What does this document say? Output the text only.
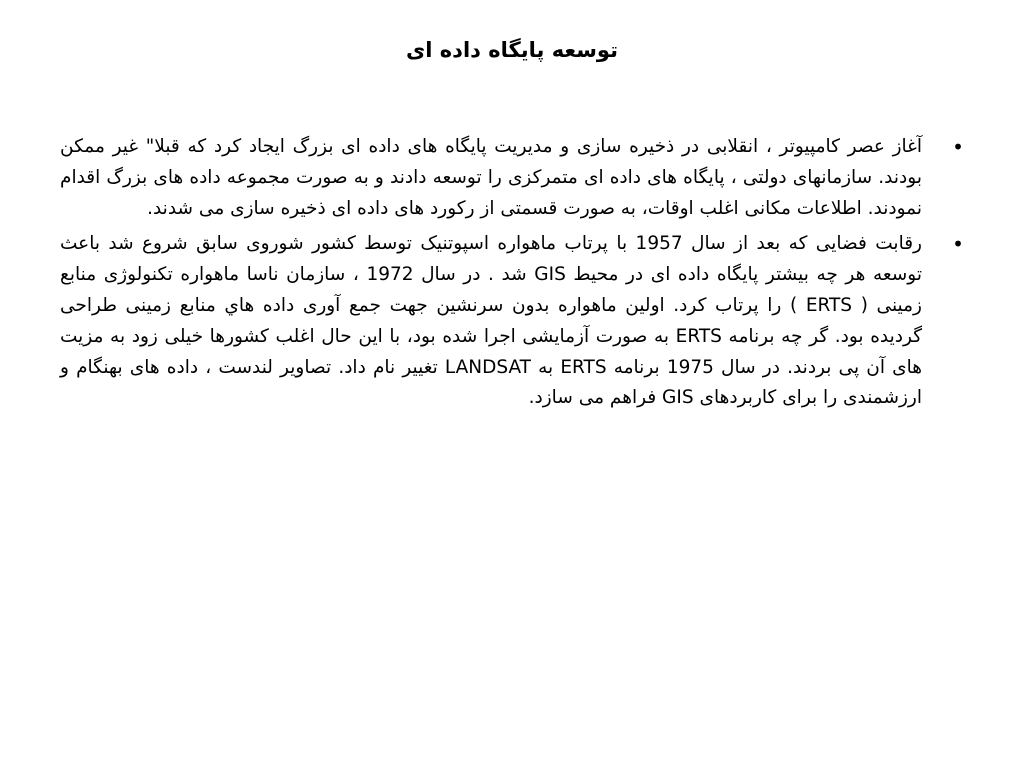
توسعه پایگاه داده ای
•
آغاز عصر کامپیوتر ، انقلابی در ذخیره سازی و مدیریت پایگاه های داده ای بزرگ ایجاد کرد که قبلا" غیر ممکن بودند. سازمانهای دولتی ، پایگاه های داده ای متمرکزی را توسعه دادند و به صورت مجموعه داده های بزرگ اقدام نمودند. اطلاعات مکانی اغلب اوقات، به صورت قسمتی از رکورد های داده ای ذخیره سازی می شدند.
•
رقابت فضایی که بعد از سال 1957 با پرتاب ماهواره اسپوتنیک توسط کشور شوروی سابق شروع شد باعث توسعه هر چه بیشتر پایگاه داده ای در محیط GIS شد . در سال 1972 ، سازمان ناسا ماهواره تکنولوژی منابع زمینی ( ERTS ) را پرتاب کرد. اولین ماهواره بدون سرنشین جهت جمع آوری داده هاي منابع زمینی طراحی گردیده بود. گر چه برنامه ERTS به صورت آزمایشی اجرا شده بود، با این حال اغلب کشورها خیلی زود به مزیت های آن پی بردند. در سال 1975 برنامه ERTS به LANDSAT تغییر نام داد. تصاویر لندست ، داده های بهنگام و ارزشمندی را برای کاربردهای GIS فراهم می سازد.
